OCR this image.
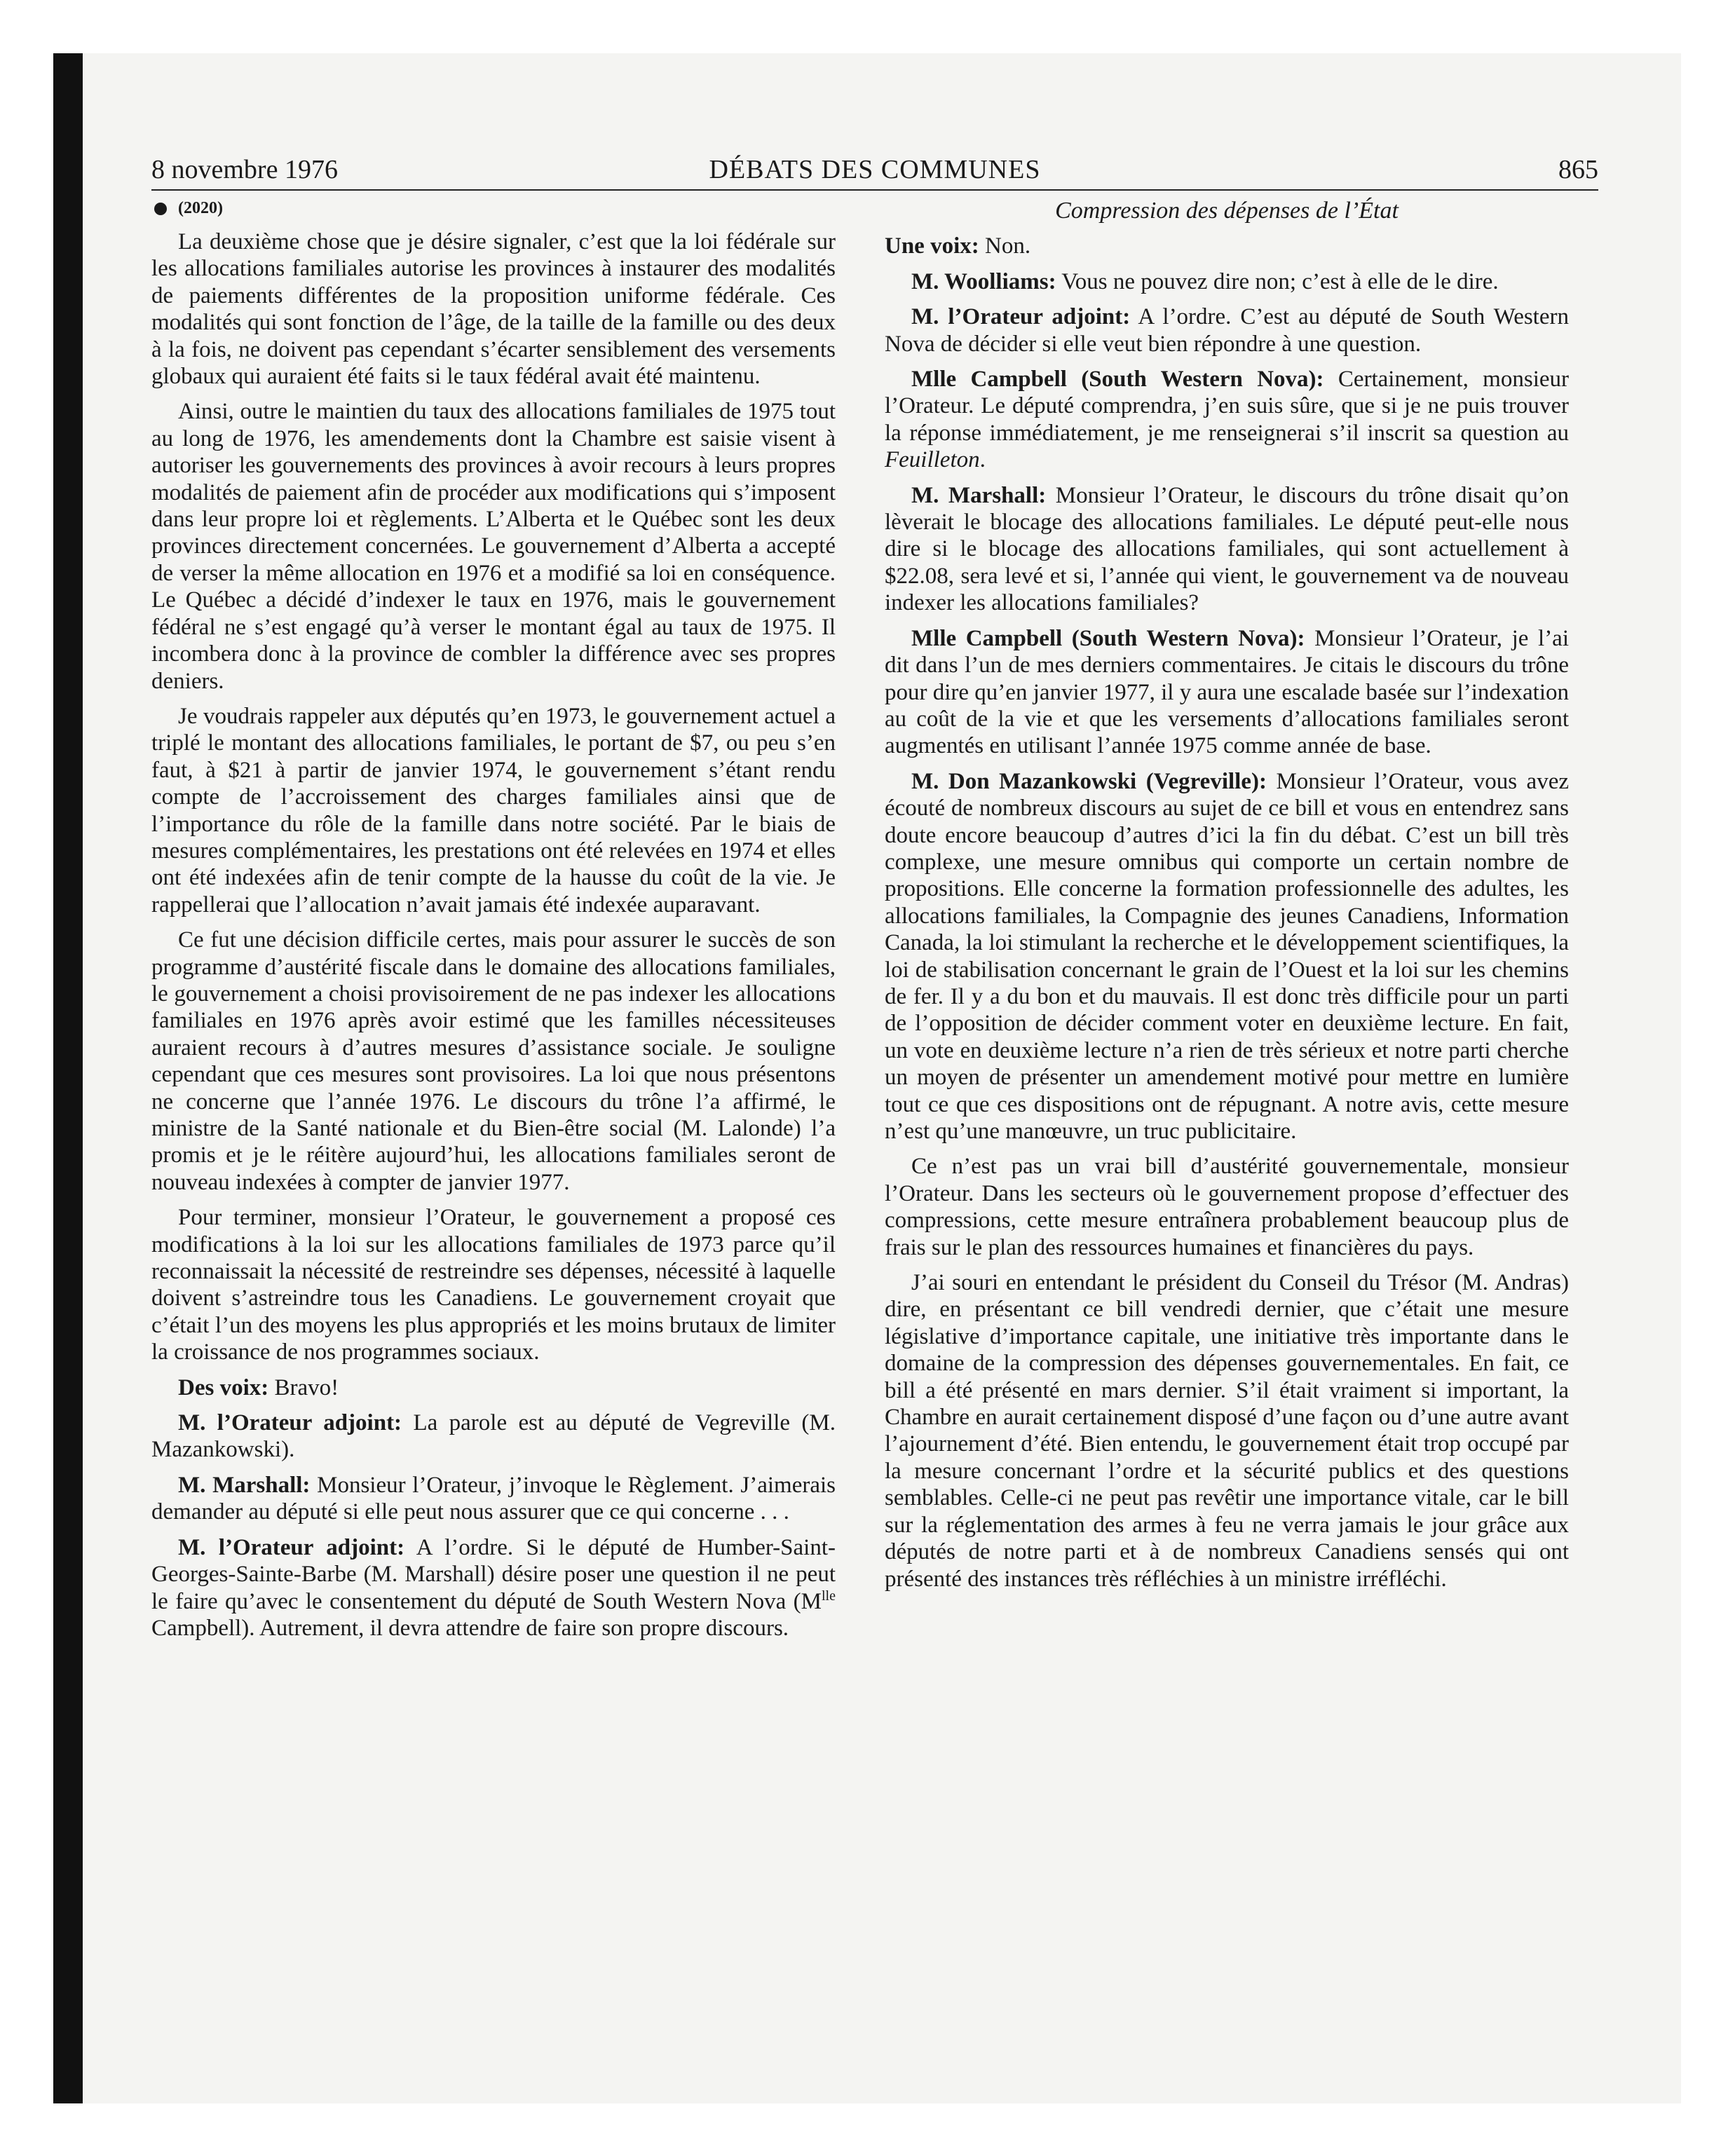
8 novembre 1976	DÉBATS DES COMMUNES	865
(2020)

La deuxième chose que je désire signaler, c’est que la loi fédérale sur les allocations familiales autorise les provinces à instaurer des modalités de paiements différentes de la proposition uniforme fédérale. Ces modalités qui sont fonction de l’âge, de la taille de la famille ou des deux à la fois, ne doivent pas cependant s’écarter sensiblement des versements globaux qui auraient été faits si le taux fédéral avait été maintenu.

Ainsi, outre le maintien du taux des allocations familiales de 1975 tout au long de 1976, les amendements dont la Chambre est saisie visent à autoriser les gouvernements des provinces à avoir recours à leurs propres modalités de paiement afin de procéder aux modifications qui s’imposent dans leur propre loi et règlements. L’Alberta et le Québec sont les deux provinces directement concernées. Le gouvernement d’Alberta a accepté de verser la même allocation en 1976 et a modifié sa loi en conséquence. Le Québec a décidé d’indexer le taux en 1976, mais le gouvernement fédéral ne s’est engagé qu’à verser le montant égal au taux de 1975. Il incombera donc à la province de combler la différence avec ses propres deniers.

Je voudrais rappeler aux députés qu’en 1973, le gouvernement actuel a triplé le montant des allocations familiales, le portant de $7, ou peu s’en faut, à $21 à partir de janvier 1974, le gouvernement s’étant rendu compte de l’accroissement des charges familiales ainsi que de l’importance du rôle de la famille dans notre société. Par le biais de mesures complémentaires, les prestations ont été relevées en 1974 et elles ont été indexées afin de tenir compte de la hausse du coût de la vie. Je rappellerai que l’allocation n’avait jamais été indexée auparavant.

Ce fut une décision difficile certes, mais pour assurer le succès de son programme d’austérité fiscale dans le domaine des allocations familiales, le gouvernement a choisi provisoirement de ne pas indexer les allocations familiales en 1976 après avoir estimé que les familles nécessiteuses auraient recours à d’autres mesures d’assistance sociale. Je souligne cependant que ces mesures sont provisoires. La loi que nous présentons ne concerne que l’année 1976. Le discours du trône l’a affirmé, le ministre de la Santé nationale et du Bien-être social (M. Lalonde) l’a promis et je le réitère aujourd’hui, les allocations familiales seront de nouveau indexées à compter de janvier 1977.

Pour terminer, monsieur l’Orateur, le gouvernement a proposé ces modifications à la loi sur les allocations familiales de 1973 parce qu’il reconnaissait la nécessité de restreindre ses dépenses, nécessité à laquelle doivent s’astreindre tous les Canadiens. Le gouvernement croyait que c’était l’un des moyens les plus appropriés et les moins brutaux de limiter la croissance de nos programmes sociaux.

Des voix: Bravo!

M. l’Orateur adjoint: La parole est au député de Vegreville (M. Mazankowski).

M. Marshall: Monsieur l’Orateur, j’invoque le Règlement. J’aimerais demander au député si elle peut nous assurer que ce qui concerne . . .

M. l’Orateur adjoint: A l’ordre. Si le député de Humber-Saint-Georges-Sainte-Barbe (M. Marshall) désire poser une question il ne peut le faire qu’avec le consentement du député de South Western Nova ($M^{lle}$ Campbell). Autrement, il devra attendre de faire son propre discours.

Compression des dépenses de l’État

Une voix: Non.

M. Woolliams: Vous ne pouvez dire non; c’est à elle de le dire.

M. l’Orateur adjoint: A l’ordre. C’est au député de South Western Nova de décider si elle veut bien répondre à une question.

Mlle Campbell (South Western Nova): Certainement, monsieur l’Orateur. Le député comprendra, j’en suis sûre, que si je ne puis trouver la réponse immédiatement, je me renseignerai s’il inscrit sa question au Feuilleton.

M. Marshall: Monsieur l’Orateur, le discours du trône disait qu’on lèverait le blocage des allocations familiales. Le député peut-elle nous dire si le blocage des allocations familiales, qui sont actuellement à $22.08, sera levé et si, l’année qui vient, le gouvernement va de nouveau indexer les allocations familiales?

Mlle Campbell (South Western Nova): Monsieur l’Orateur, je l’ai dit dans l’un de mes derniers commentaires. Je citais le discours du trône pour dire qu’en janvier 1977, il y aura une escalade basée sur l’indexation au coût de la vie et que les versements d’allocations familiales seront augmentés en utilisant l’année 1975 comme année de base.

M. Don Mazankowski (Vegreville): Monsieur l’Orateur, vous avez écouté de nombreux discours au sujet de ce bill et vous en entendrez sans doute encore beaucoup d’autres d’ici la fin du débat. C’est un bill très complexe, une mesure omnibus qui comporte un certain nombre de propositions. Elle concerne la formation professionnelle des adultes, les allocations familiales, la Compagnie des jeunes Canadiens, Information Canada, la loi stimulant la recherche et le développement scientifiques, la loi de stabilisation concernant le grain de l’Ouest et la loi sur les chemins de fer. Il y a du bon et du mauvais. Il est donc très difficile pour un parti de l’opposition de décider comment voter en deuxième lecture. En fait, un vote en deuxième lecture n’a rien de très sérieux et notre parti cherche un moyen de présenter un amendement motivé pour mettre en lumière tout ce que ces dispositions ont de répugnant. A notre avis, cette mesure n’est qu’une manœuvre, un truc publicitaire.

Ce n’est pas un vrai bill d’austérité gouvernementale, monsieur l’Orateur. Dans les secteurs où le gouvernement propose d’effectuer des compressions, cette mesure entraînera probablement beaucoup plus de frais sur le plan des ressources humaines et financières du pays.

J’ai souri en entendant le président du Conseil du Trésor (M. Andras) dire, en présentant ce bill vendredi dernier, que c’était une mesure législative d’importance capitale, une initiative très importante dans le domaine de la compression des dépenses gouvernementales. En fait, ce bill a été présenté en mars dernier. S’il était vraiment si important, la Chambre en aurait certainement disposé d’une façon ou d’une autre avant l’ajournement d’été. Bien entendu, le gouvernement était trop occupé par la mesure concernant l’ordre et la sécurité publics et des questions semblables. Celle-ci ne peut pas revêtir une importance vitale, car le bill sur la réglementation des armes à feu ne verra jamais le jour grâce aux députés de notre parti et à de nombreux Canadiens sensés qui ont présenté des instances très réfléchies à un ministre irréfléchi.
